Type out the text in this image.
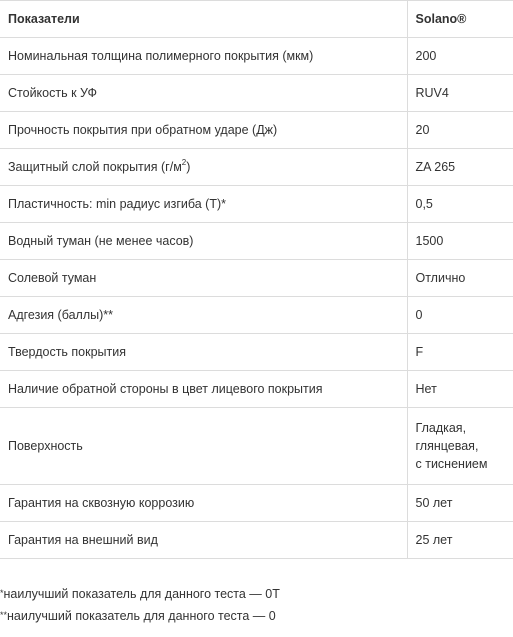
Показатели	Solano®
Номинальная толщина полимерного покрытия (мкм)	200
Стойкость к УФ	RUV4
Прочность покрытия при обратном ударе (Дж)	20
Защитный слой покрытия $(г/м^2)$	ZA 265
Пластичность: min радиус изгиба (Т)*	0,5
Водный туман (не менее часов)	1500
Солевой туман	Отлично
Адгезия (баллы)**	0
Твердость покрытия	F
Наличие обратной стороны в цвет лицевого покрытия	Нет
Поверхность	Гладкая,
глянцевая,
с тиснением

Гарантия на сквозную коррозию	50 лет
Гарантия на внешний вид	25 лет
*наилучший показатель для данного теста — 0Т
**наилучший показатель для данного теста — 0
